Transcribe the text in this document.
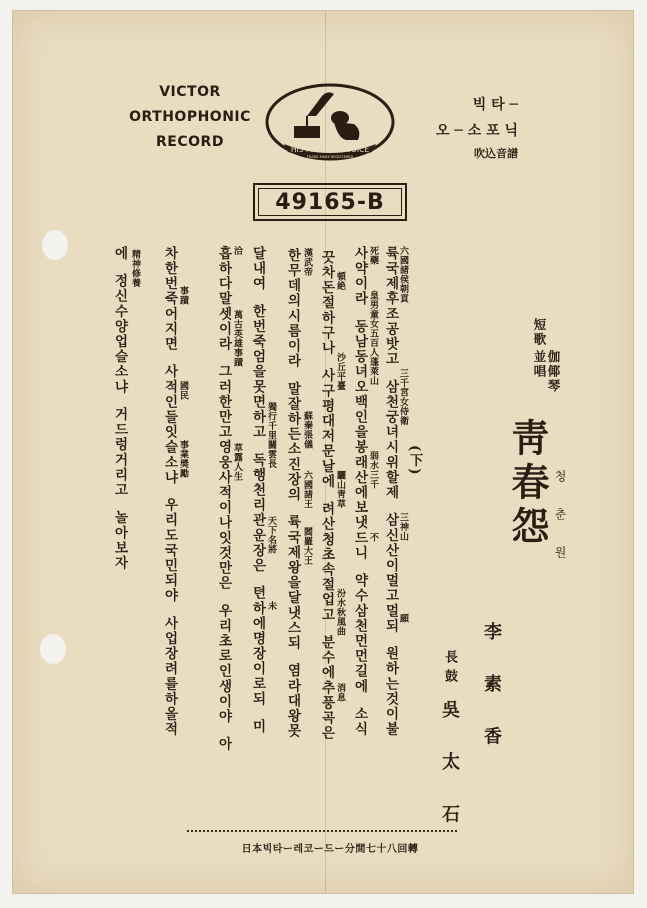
VICTOR
ORTHOPHONIC
RECORD	HIS MASTER'S VOICE
TRADE MARK REGISTERED
49165-B
빅 타 ─
오 ─ 소 포 닉
吹込音譜
短歌
伽倻琴
並唱
靑春怨 청춘원
李 素 香
長鼓
吳 太 石
(下)
六國諸侯朝貢                  三千宮女侍衛                        三神山                    願
륙국제후조공밧고  삼천궁녀시위할제  삼신산이멀고멀되  원하는것이불
死藥       皇男童女五百人蓬萊山                  弱水三千            不
사약이라  동남동녀오백인을봉래산에보냇드니  약수삼천먼먼길에  소식
頓絶                 沙丘平臺                      驪山靑草                      汾水秋風曲             消息
끗차돈절하구나  사구평대저문날에  려산청초속절업고  분수에추풍곡은
漢武帝                                     蘇秦張儀      六國諸王     閻羅大王
한무데의시름이라  말잘하든소진장의  륙국제왕을달냇스되  염라대왕못
獨行千里關雲長             天下名將             未
달내여  한번죽엄을못면하고  독행천리관운장은  텬하에명장이로되  미
洽               萬古英雄事蹟                     草露人生
흡하다말셋이라  그러한만고영웅사적이나잇것만은  우리초로인생이야  아
事蹟                     國民           事業奬勵
차한번죽어지면  사적인들잇슬소냐  우리도국민되야  사업장려를하올적
精神修養
에  정신수양업슬소냐  거드렁거리고  놀아보자
日本빅타ー레코ー드ー分間七十八回轉
